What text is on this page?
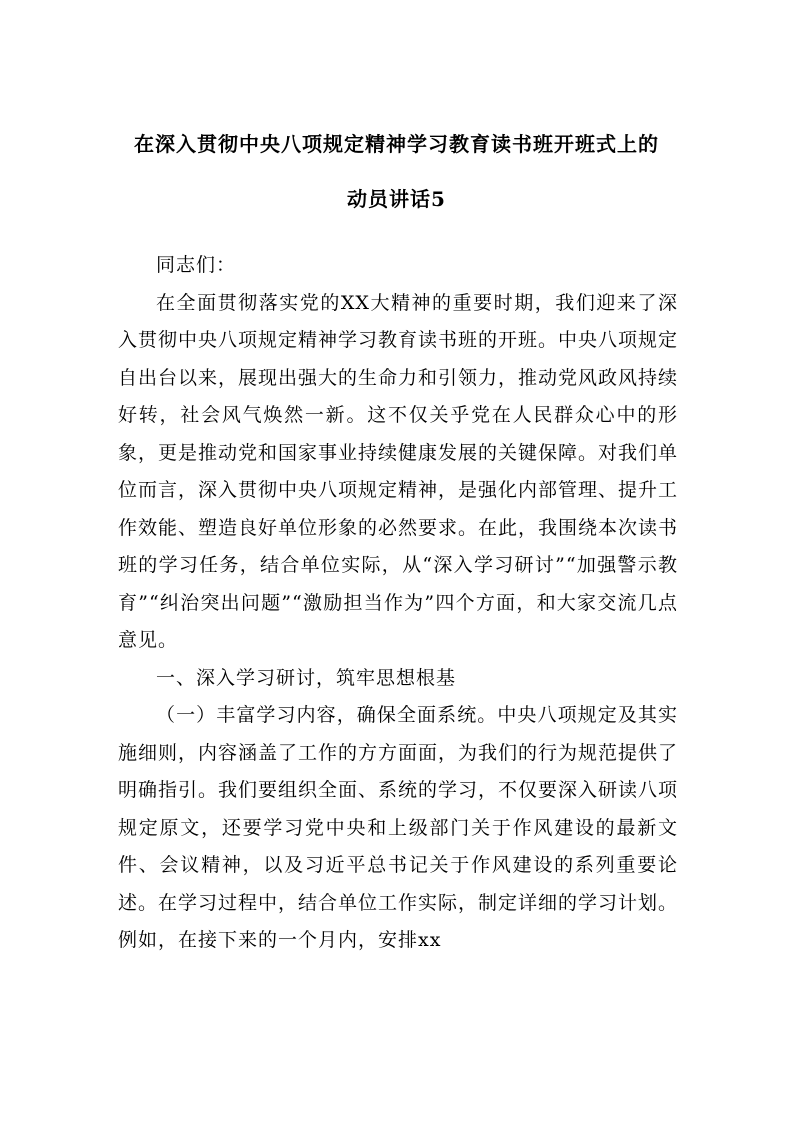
在深入贯彻中央八项规定精神学习教育读书班开班式上的
动员讲话5

同志们：

在全面贯彻落实党的XX大精神的重要时期，我们迎来了深入贯彻中央八项规定精神学习教育读书班的开班。中央八项规定自出台以来，展现出强大的生命力和引领力，推动党风政风持续好转，社会风气焕然一新。这不仅关乎党在人民群众心中的形象，更是推动党和国家事业持续健康发展的关键保障。对我们单位而言，深入贯彻中央八项规定精神，是强化内部管理、提升工作效能、塑造良好单位形象的必然要求。在此，我围绕本次读书班的学习任务，结合单位实际，从“深入学习研讨”“加强警示教育”“纠治突出问题”“激励担当作为”四个方面，和大家交流几点意见。

一、深入学习研讨，筑牢思想根基

（一）丰富学习内容，确保全面系统。中央八项规定及其实施细则，内容涵盖了工作的方方面面，为我们的行为规范提供了明确指引。我们要组织全面、系统的学习，不仅要深入研读八项规定原文，还要学习党中央和上级部门关于作风建设的最新文件、会议精神，以及习近平总书记关于作风建设的系列重要论述。在学习过程中，结合单位工作实际，制定详细的学习计划。例如，在接下来的一个月内，安排xx
